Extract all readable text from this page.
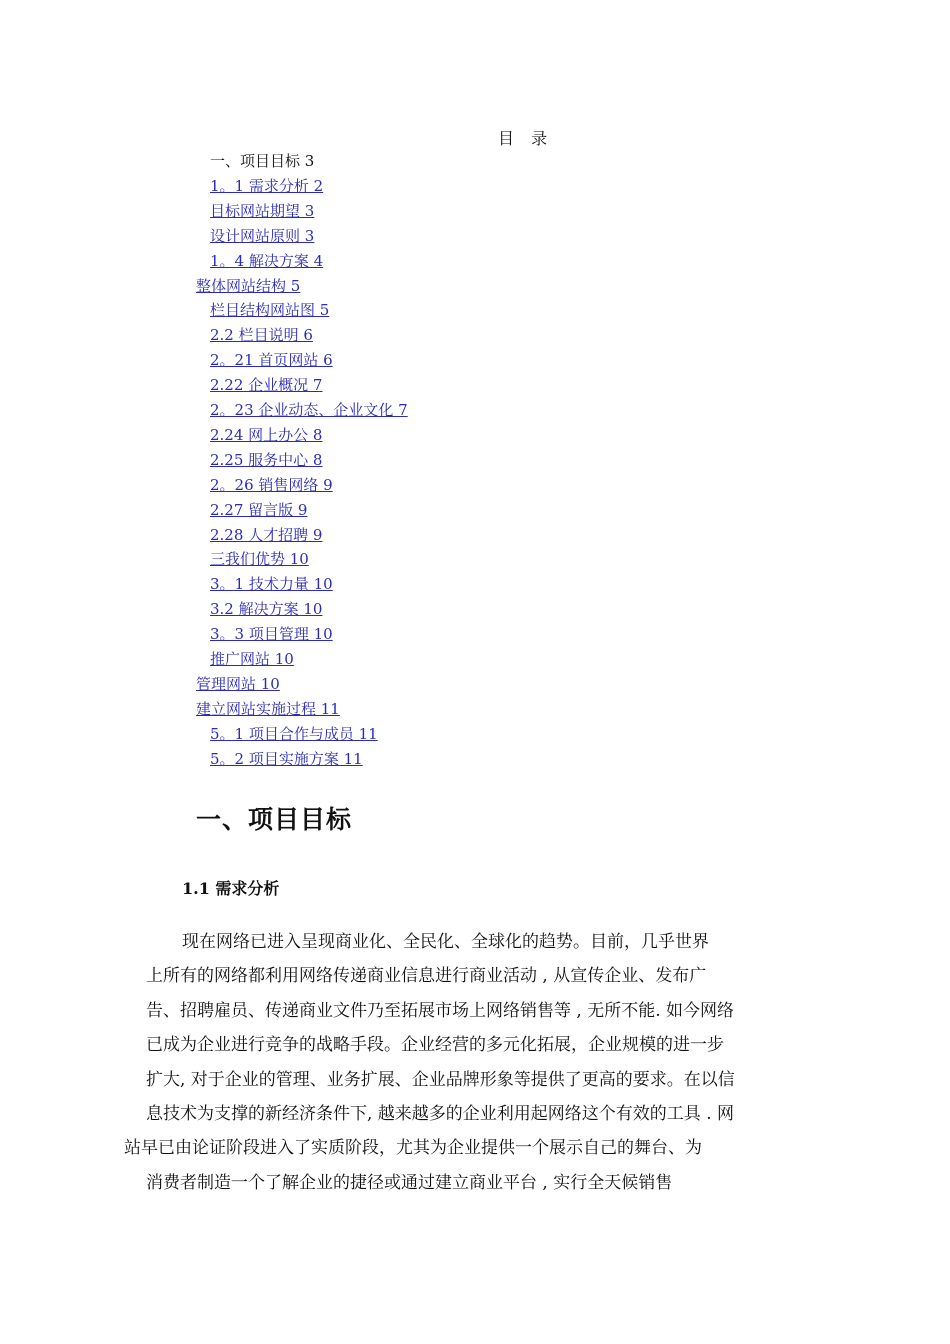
目 录
一、项目目标 3
1。1 需求分析 2
目标网站期望 3
设计网站原则 3
1。4 解决方案 4
整体网站结构 5
栏目结构网站图 5
2.2 栏目说明 6
2。21 首页网站 6
2.22 企业概况 7
2。23 企业动态、企业文化 7
2.24 网上办公 8
2.25 服务中心 8
2。26 销售网络 9
2.27 留言版 9
2.28 人才招聘 9
三我们优势 10
3。1 技术力量 10
3.2 解决方案 10
3。3 项目管理 10
推广网站 10
管理网站 10
建立网站实施过程 11
5。1 项目合作与成员 11
5。2 项目实施方案 11
一、项目目标
1.1 需求分析
现在网络已进入呈现商业化、全民化、全球化的趋势。目前，几乎世界
上所有的网络都利用网络传递商业信息进行商业活动 , 从宣传企业、发布广
告、招聘雇员、传递商业文件乃至拓展市场上网络销售等 , 无所不能. 如今网络
已成为企业进行竞争的战略手段。企业经营的多元化拓展，企业规模的进一步
扩大, 对于企业的管理、业务扩展、企业品牌形象等提供了更高的要求。在以信
息技术为支撑的新经济条件下, 越来越多的企业利用起网络这个有效的工具 . 网
站早已由论证阶段进入了实质阶段，尤其为企业提供一个展示自己的舞台、为
消费者制造一个了解企业的捷径或通过建立商业平台 , 实行全天候销售
